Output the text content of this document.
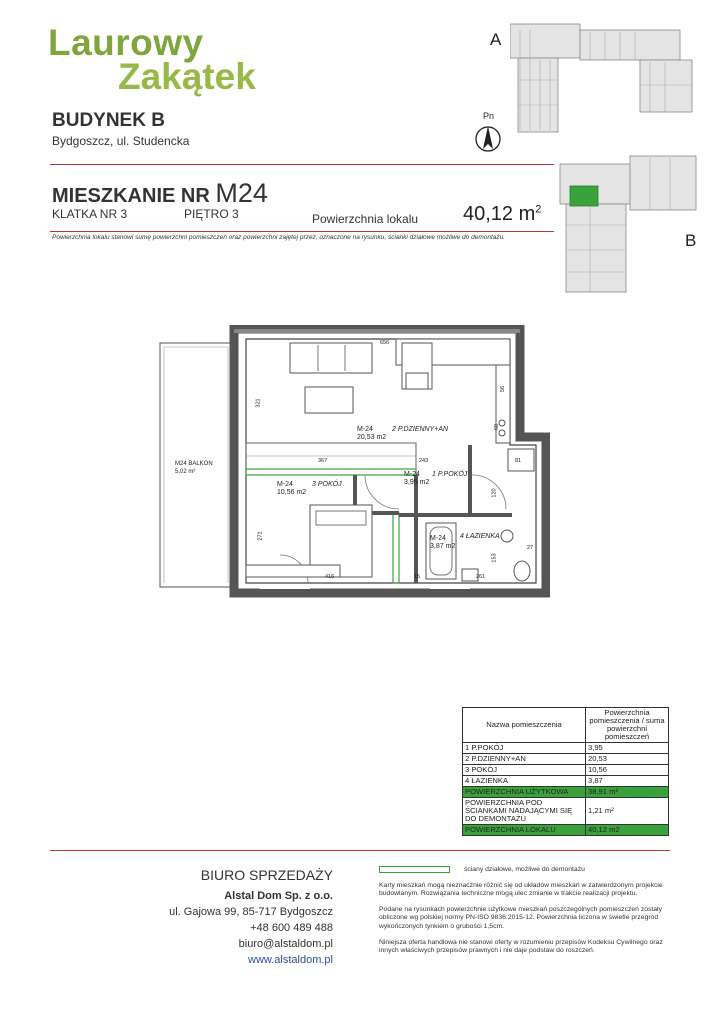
Laurowy
Zakątek
BUDYNEK B
Bydgoszcz, ul. Studencka
Pn
MIESZKANIE NR M24
KLATKA NR 3	PIĘTRO 3	Powierzchnia lokalu 40,12 $m^2$
Powierzchnia lokalu stanowi sumę powierzchni pomieszczeń oraz powierzchni zajętej przez, oznaczone na rysunku, ścianki działowe możliwe do demontażu.
A
B
M24 BALKON
5,02 m²
M-24	2 P.DZIENNY+AN
20,53 m2
M-24	3 POKÓJ
10,56 m2
M-24 1 P.POKÓJ
3,95 m2
M-24 4 ŁAZIENKA
3,87 m2
656
321
367	243	81
60
56
120
271
416	15	261
153
27
Nazwa pomieszczenia	Powierzchnia pomieszczenia / suma powierzchni pomieszczeń
1 P.POKÓJ	3,95
2 P.DZIENNY+AN	20,53
3 POKÓJ	10,56
4 ŁAZIENKA	3,87
POWIERZCHNIA UŻYTKOWA	38,91 m²
POWIERZCHNIA POD ŚCIANKAMI NADAJĄCYMI SIĘ DO DEMONTAŻU	1,21 m²
POWIERZCHNIA LOKALU	40,12 m2
BIURO SPRZEDAŻY
Alstal Dom Sp. z o.o.
ul. Gajowa 99, 85-717 Bydgoszcz
+48 600 489 488
biuro@alstaldom.pl
www.alstaldom.pl
ściany działowe, możliwe do demontażu

Karty mieszkań mogą nieznacznie różnić się od układów mieszkań w zatwierdzonym projekcie budowlanym. Rozwiązania techniczne mogą ulec zmianie w trakcie realizacji projektu.

Podane na rysunkach powierzchnie użytkowe mieszkań poszczególnych pomieszczeń zostały obliczone wg polskiej normy PN-ISO 9836:2015-12. Powierzchnia liczona w świetle przegród wykończonych tynkiem o grubości 1,5cm.

Niniejsza oferta handlowa nie stanowi oferty w rozumieniu przepisów Kodeksu Cywilnego oraz innych właściwych przepisów prawnych i nie daje podstaw do roszczeń.
